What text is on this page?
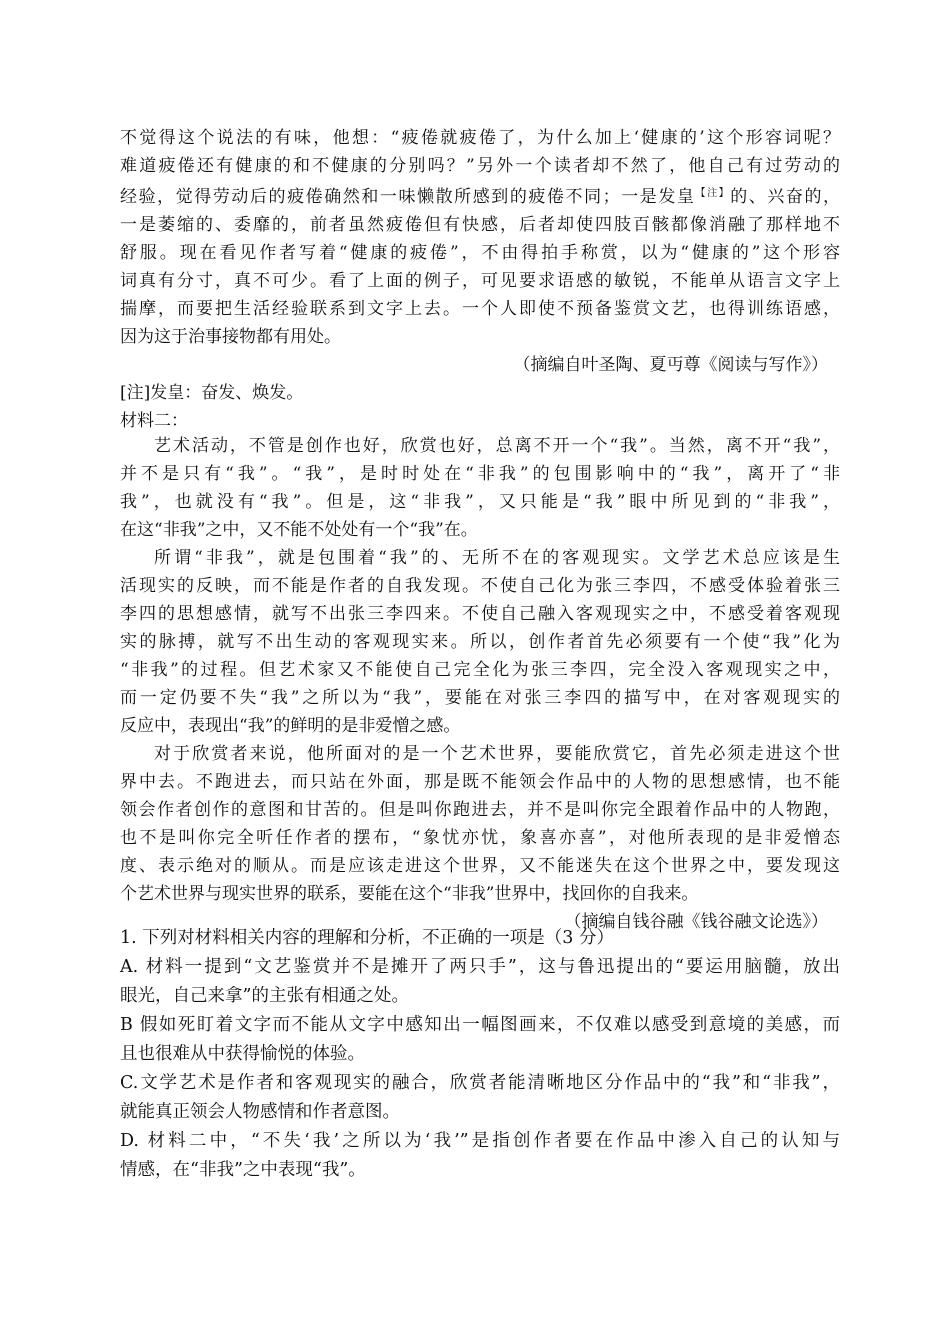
不觉得这个说法的有味，他想：“疲倦就疲倦了，为什么加上‘健康的’这个形容词呢？
难道疲倦还有健康的和不健康的分别吗？”另外一个读者却不然了，他自己有过劳动的
经验，觉得劳动后的疲倦确然和一味懒散所感到的疲倦不同；一是发皇$^{【注】}$的、兴奋的，
一是萎缩的、委靡的，前者虽然疲倦但有快感，后者却使四肢百骸都像消融了那样地不
舒服。现在看见作者写着“健康的疲倦”，不由得拍手称赏，以为“健康的”这个形容
词真有分寸，真不可少。看了上面的例子，可见要求语感的敏锐，不能单从语言文字上
揣摩，而要把生活经验联系到文字上去。一个人即使不预备鉴赏文艺，也得训练语感，
因为这于治事接物都有用处。
（摘编自叶圣陶、夏丏尊《阅读与写作》）
[注]发皇：奋发、焕发。
材料二：
艺术活动，不管是创作也好，欣赏也好，总离不开一个“我”。当然，离不开“我”，
并不是只有“我”。“我”，是时时处在“非我”的包围影响中的“我”，离开了“非
我”，也就没有“我”。但是，这“非我”，又只能是“我”眼中所见到的“非我”，
在这“非我”之中，又不能不处处有一个“我”在。
所谓“非我”，就是包围着“我”的、无所不在的客观现实。文学艺术总应该是生
活现实的反映，而不能是作者的自我发现。不使自己化为张三李四，不感受体验着张三
李四的思想感情，就写不出张三李四来。不使自己融入客观现实之中，不感受着客观现
实的脉搏，就写不出生动的客观现实来。所以，创作者首先必须要有一个使“我”化为
“非我”的过程。但艺术家又不能使自己完全化为张三李四，完全没入客观现实之中，
而一定仍要不失“我”之所以为“我”，要能在对张三李四的描写中，在对客观现实的
反应中，表现出“我”的鲜明的是非爱憎之感。
对于欣赏者来说，他所面对的是一个艺术世界，要能欣赏它，首先必须走进这个世
界中去。不跑进去，而只站在外面，那是既不能领会作品中的人物的思想感情，也不能
领会作者创作的意图和甘苦的。但是叫你跑进去，并不是叫你完全跟着作品中的人物跑，
也不是叫你完全听任作者的摆布，“象忧亦忧，象喜亦喜”，对他所表现的是非爱憎态
度、表示绝对的顺从。而是应该走进这个世界，又不能迷失在这个世界之中，要发现这
个艺术世界与现实世界的联系，要能在这个“非我”世界中，找回你的自我来。
（摘编自钱谷融《钱谷融文论选》）
1. 下列对材料相关内容的理解和分析，不正确的一项是（3 分）
A. 材料一提到“文艺鉴赏并不是摊开了两只手”，这与鲁迅提出的“要运用脑髓，放出
眼光，自己来拿”的主张有相通之处。
B 假如死盯着文字而不能从文字中感知出一幅图画来，不仅难以感受到意境的美感，而
且也很难从中获得愉悦的体验。
C.文学艺术是作者和客观现实的融合，欣赏者能清晰地区分作品中的“我”和“非我”，
就能真正领会人物感情和作者意图。
D. 材料二中，“不失‘我’之所以为‘我’”是指创作者要在作品中渗入自己的认知与
情感，在“非我”之中表现“我”。
